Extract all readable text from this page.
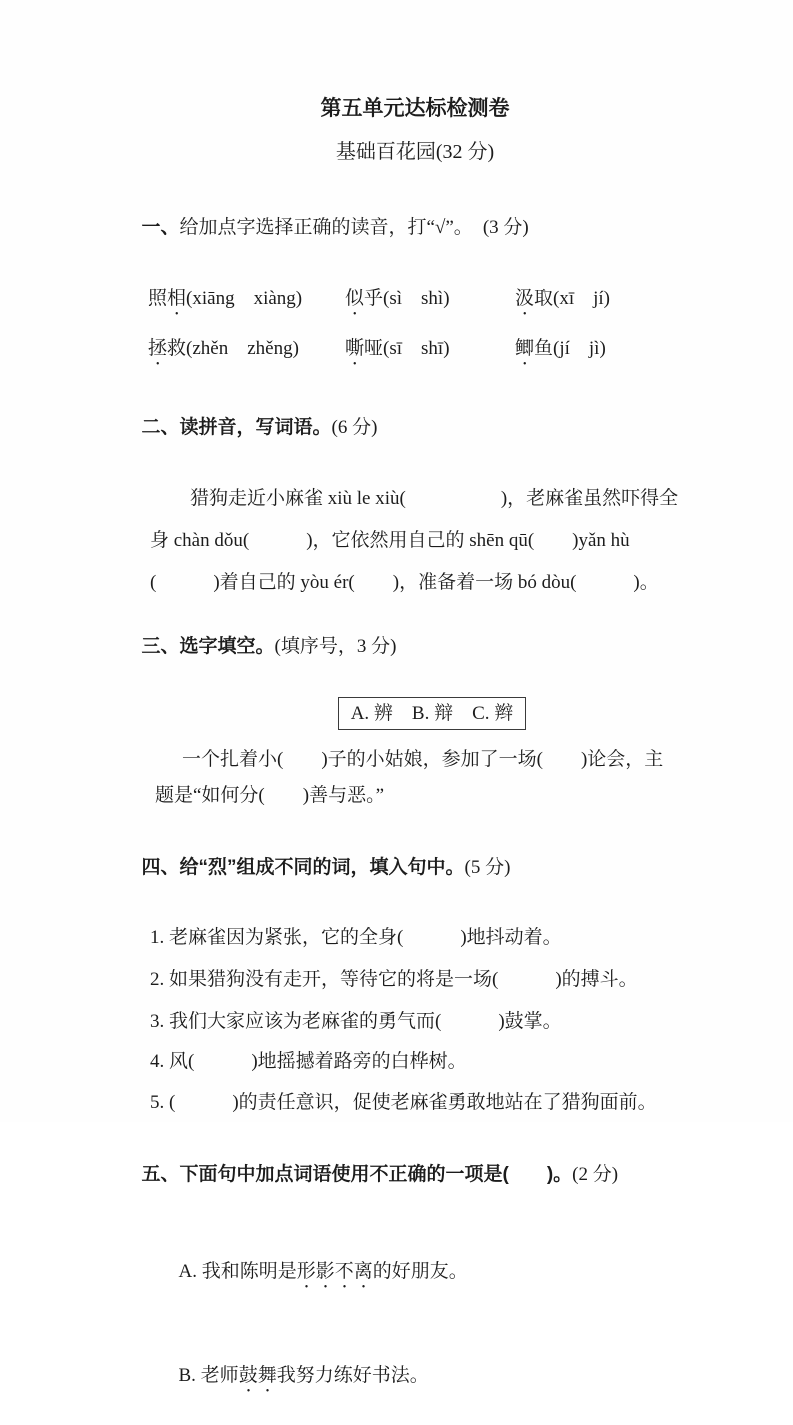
第五单元达标检测卷
基础百花园(32 分)

一、给加点字选择正确的读音，打“√”。 (3 分)

照相(xiāng　xiàng)	似乎(sì　shì)	汲取(xī　jí)
拯救(zhěn　zhěng)	嘶哑(sī　shī)	鲫鱼(jí　jì)

二、读拼音，写词语。(6 分)

猎狗走近小麻雀 xiù le xiù(　　　　　)，老麻雀虽然吓得全
身 chàn dǒu(　　　)，它依然用自己的 shēn qū(　　)yǎn hù
(　　　)着自己的 yòu ér(　　)，准备着一场 bó dòu(　　　)。

三、选字填空。(填序号，3 分)

A. 辨　B. 辩　C. 辫
一个扎着小(　　)子的小姑娘，参加了一场(　　)论会，主
题是“如何分(　　)善与恶。”

四、给“烈”组成不同的词，填入句中。(5 分)

1. 老麻雀因为紧张，它的全身(　　　)地抖动着。
2. 如果猎狗没有走开，等待它的将是一场(　　　)的搏斗。
3. 我们大家应该为老麻雀的勇气而(　　　)鼓掌。
4. 风(　　　)地摇撼着路旁的白桦树。
5. (　　　)的责任意识，促使老麻雀勇敢地站在了猎狗面前。

五、下面句中加点词语使用不正确的一项是(　　)。(2 分)

A. 我和陈明是形影不离的好朋友。

B. 老师鼓舞我努力练好书法。
